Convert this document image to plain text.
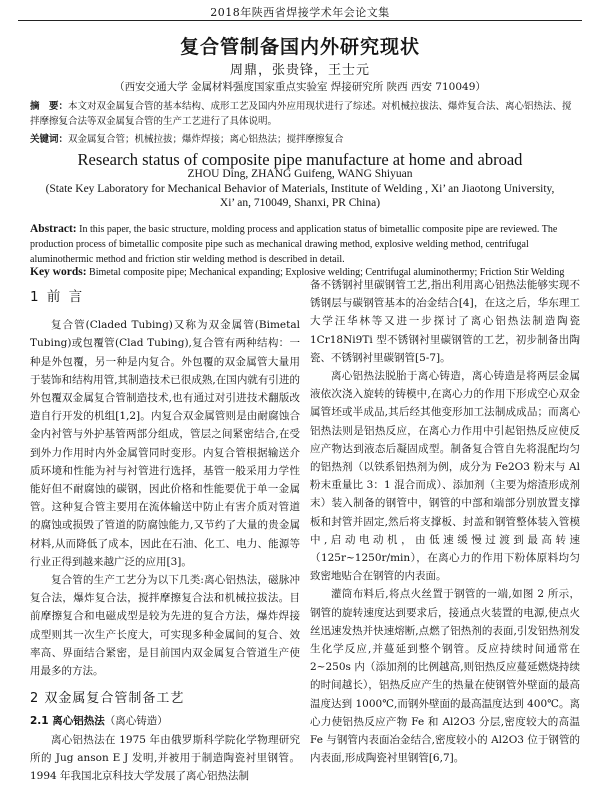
2018年陕西省焊接学术年会论文集
复合管制备国内外研究现状
周鼎，张贵锋，王士元
（西安交通大学 金属材料强度国家重点实验室 焊接研究所 陕西 西安 710049）
摘　要：本文对双金属复合管的基本结构、成形工艺及国内外应用现状进行了综述。对机械拉拔法、爆炸复合法、离心铝热法、搅拌摩擦复合法等双金属复合管的生产工艺进行了具体说明。
关键词：双金属复合管；机械拉拔；爆炸焊接；离心铝热法；搅拌摩擦复合
Research status of composite pipe manufacture at home and abroad
ZHOU Ding, ZHANG Guifeng, WANG Shiyuan
(State Key Laboratory for Mechanical Behavior of Materials, Institute of Welding , Xi’ an Jiaotong University,
Xi’ an, 710049, Shanxi, PR China)
Abstract: In this paper, the basic structure, molding process and application status of bimetallic composite pipe are reviewed. The production process of bimetallic composite pipe such as mechanical drawing method, explosive welding method, centrifugal aluminothermic method and friction stir welding method is described in detail.
Key words: Bimetal composite pipe; Mechanical expanding; Explosive welding; Centrifugal aluminothermy; Friction Stir Welding
1 前 言

复合管(Claded Tubing)又称为双金属管(Bimetal Tubing)或包覆管(Clad Tubing),复合管有两种结构：一种是外包覆，另一种是内复合。外包覆的双金属管大量用于装饰和结构用管,其制造技术已很成熟,在国内就有引进的外包覆双金属复合管制造技术,也有通过对引进技术翻版改造自行开发的机组[1,2]。内复合双金属管则是由耐腐蚀合金内衬管与外护基管两部分组成，管层之间紧密结合,在受到外力作用时内外金属管同时变形。内复合管根据输送介质环境和性能为衬与衬管进行选择，基管一般采用力学性能好但不耐腐蚀的碳钢，因此价格和性能要优于单一金属管。这种复合管主要用在流体输送中防止有害介质对管道的腐蚀或损毁了管道的防腐蚀能力,又节约了大量的贵金属材料,从而降低了成本，因此在石油、化工、电力、能源等行业正得到越来越广泛的应用[3]。

复合管的生产工艺分为以下几类:离心铝热法，磁脉冲复合法，爆炸复合法，搅拌摩擦复合法和机械拉拔法。目前摩擦复合和电磁成型是较为先进的复合方法，爆炸焊接成型则其一次生产长度大，可实现多种金属间的复合、效率高、界面结合紧密，是目前国内双金属复合管道生产使用最多的方法。

2 双金属复合管制备工艺
2.1 离心铝热法（离心铸造）

离心铝热法在 1975 年由俄罗斯科学院化学物理研究所的 Jug anson E J 发明,并被用于制造陶瓷衬里钢管。1994 年我国北京科技大学发展了离心铝热法制

备不锈钢衬里碳钢管工艺,指出利用离心铝热法能够实现不锈钢层与碳钢管基本的冶金结合[4]，在这之后，华东理工大学汪华林等又进一步探讨了离心铝热法制造陶瓷 1Cr18Ni9Ti 型不锈钢衬里碳钢管的工艺，初步制备出陶瓷、不锈钢衬里碳钢管[5-7]。

离心铝热法脱胎于离心铸造，离心铸造是将两层金属液依次浇入旋转的铸模中,在离心力的作用下形成空心双金属管坯或半成品,其后经其他变形加工法制成成品；而离心铝热法则是铝热反应，在离心力作用中引起铝热反应使反应产物达到液态后凝固成型。制备复合管自先将混配均匀的铝热剂（以铁系铝热剂为例，成分为 Fe2O3 粉末与 Al 粉末重量比 3：1 混合而成）、添加剂（主要为熔渣形成剂末）装入制备的钢管中，钢管的中部和端部分别放置支撑板和封管并固定,然后将支撑板、封盖和钢管整体装入管模中,启动电动机，由低速缓慢过渡到最高转速（125r~1250r/min），在离心力的作用下粉体原料均匀致密地贴合在钢管的内表面。

灌筒布料后,将点火丝置于钢管的一端,如图 2 所示，钢管的旋转速度达到要求后，接通点火装置的电源,使点火丝迅速发热并快速熔断,点燃了铝热剂的表面,引发铝热剂发生化学反应,并蔓延到整个钢管。反应持续时间通常在 2~250s 内（添加剂的比例越高,则铝热反应蔓延燃烧持续的时间越长），铝热反应产生的热量在使钢管外壁面的最高温度达到 1000℃,而钢外壁面的最高温度达到 400℃。离心力使铝热反应产物 Fe 和 Al2O3 分层,密度较大的高温 Fe 与钢管内表面冶金结合,密度较小的 Al2O3 位于钢管的内表面,形成陶瓷衬里钢管[6,7]。
